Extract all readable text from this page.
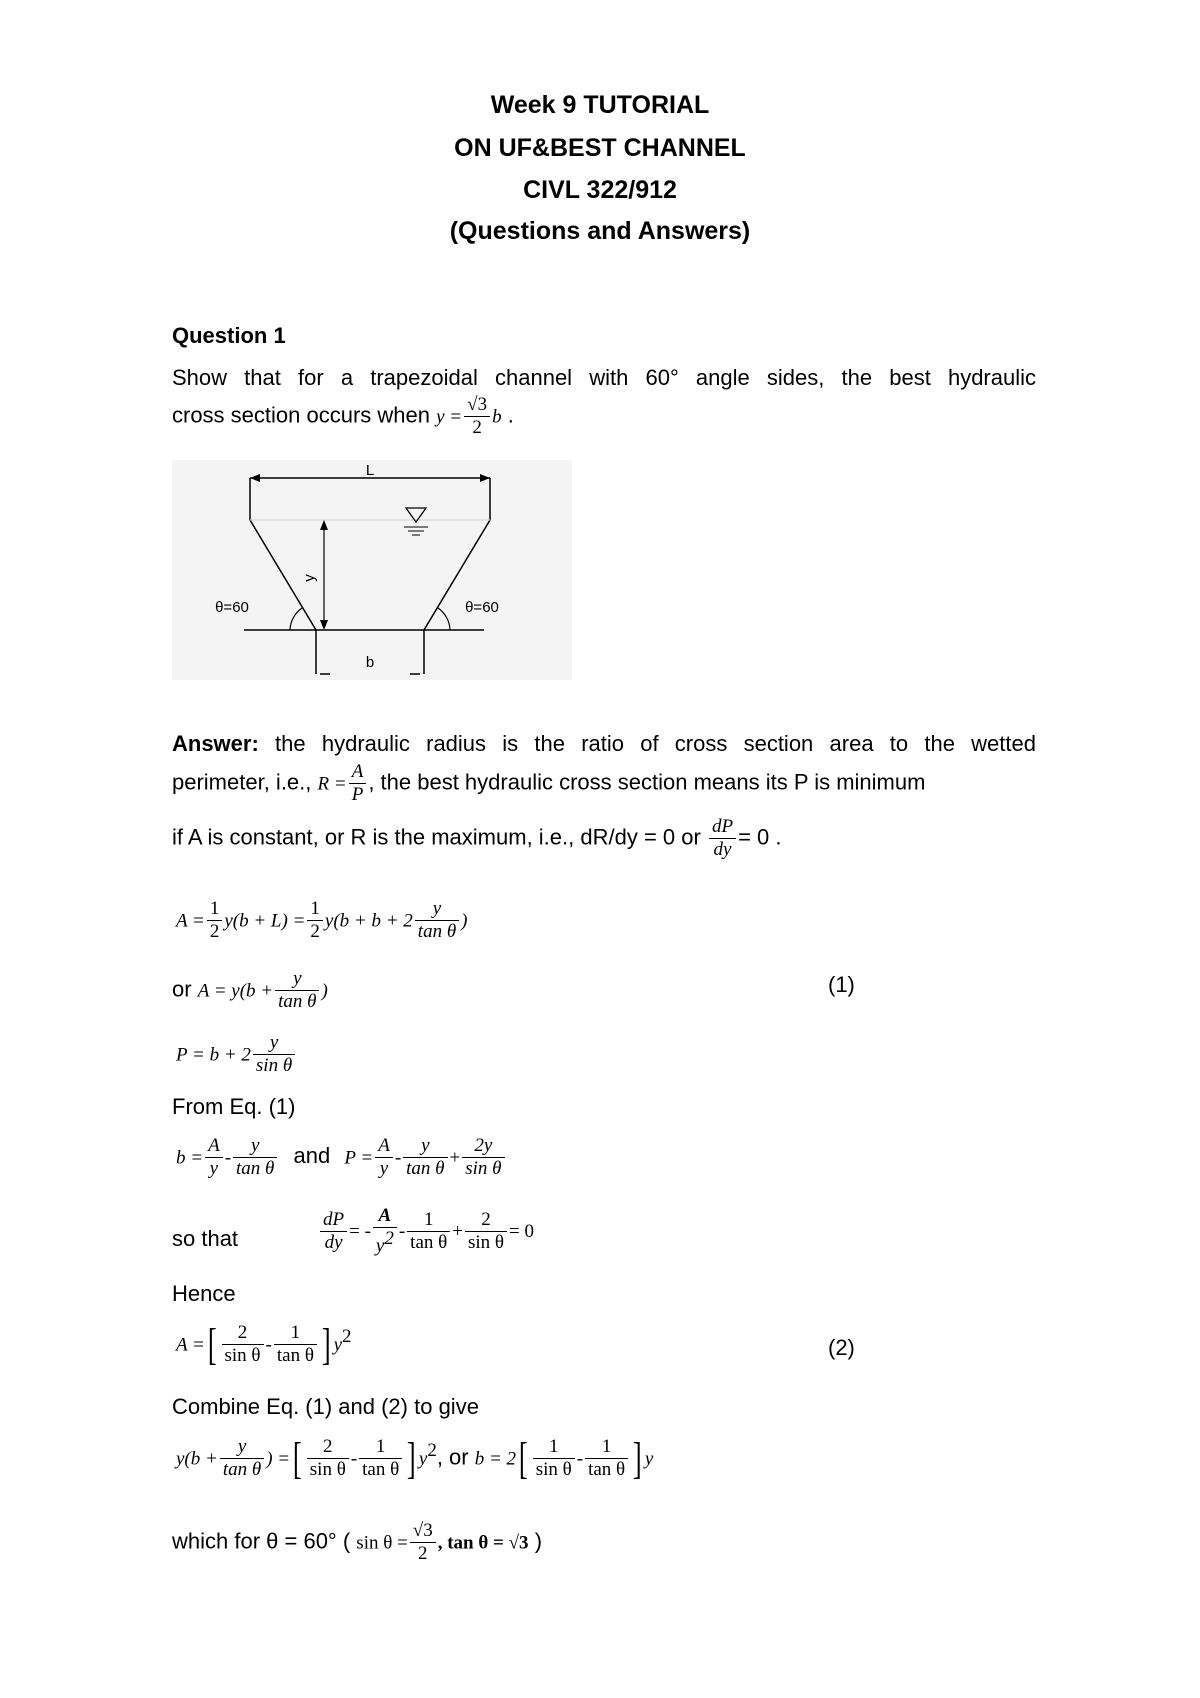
Week 9 TUTORIAL
ON UF&BEST CHANNEL
CIVL 322/912
(Questions and Answers)
Question 1
Show that for a trapezoidal channel with 60° angle sides, the best hydraulic
cross section occurs when $y = \frac{√3}{2}$ b .
L
y
θ=60	θ=60
b
Answer: the hydraulic radius is the ratio of cross section area to the wetted
perimeter, i.e., $R = \frac{A}{P}$ , the best hydraulic cross section means its P is minimum
if A is constant, or R is the maximum, i.e., dR/dy = 0 or $\frac{dP}{dy} = 0$ .
$A = \frac{1}{2} y(b + L) = \frac{1}{2} y(b + b + 2 \frac{y}{\text{tan θ}}$ )
or $A = y(b + \frac{y}{\text{tan θ}}$ )	(1)
$P = b + 2 \frac{y}{\text{sin θ}}$
From Eq. (1)
$b = \frac{A}{y} - \frac{y}{\text{tan θ}}$ and $P = \frac{A}{y} - \frac{y}{\text{tan θ}} + \frac{2y}{\text{sin θ}}$
so that	$\frac{dP}{dy}$ = - $\frac{A}{y^2} - \frac{1}{\text{tan θ}} + \frac{2}{\text{sin θ}} = 0$
Hence
A =[ $\frac{2}{\text{sin θ}} - \frac{1}{\text{tan θ}}$ ] $y^2$	(2)
Combine Eq. (1) and (2) to give
$y(b + \frac{y}{\text{tan θ}}$ ) =[ $\frac{2}{\text{sin θ}} - \frac{1}{\text{tan θ}}$ ] $y^2$, or $b = 2[ \frac{1}{\text{sin θ}} - \frac{1}{\text{tan θ}}$ ] y
which for θ = 60° ( $\sin \theta = \frac{√3}{2}$ , tan θ = √3 )
